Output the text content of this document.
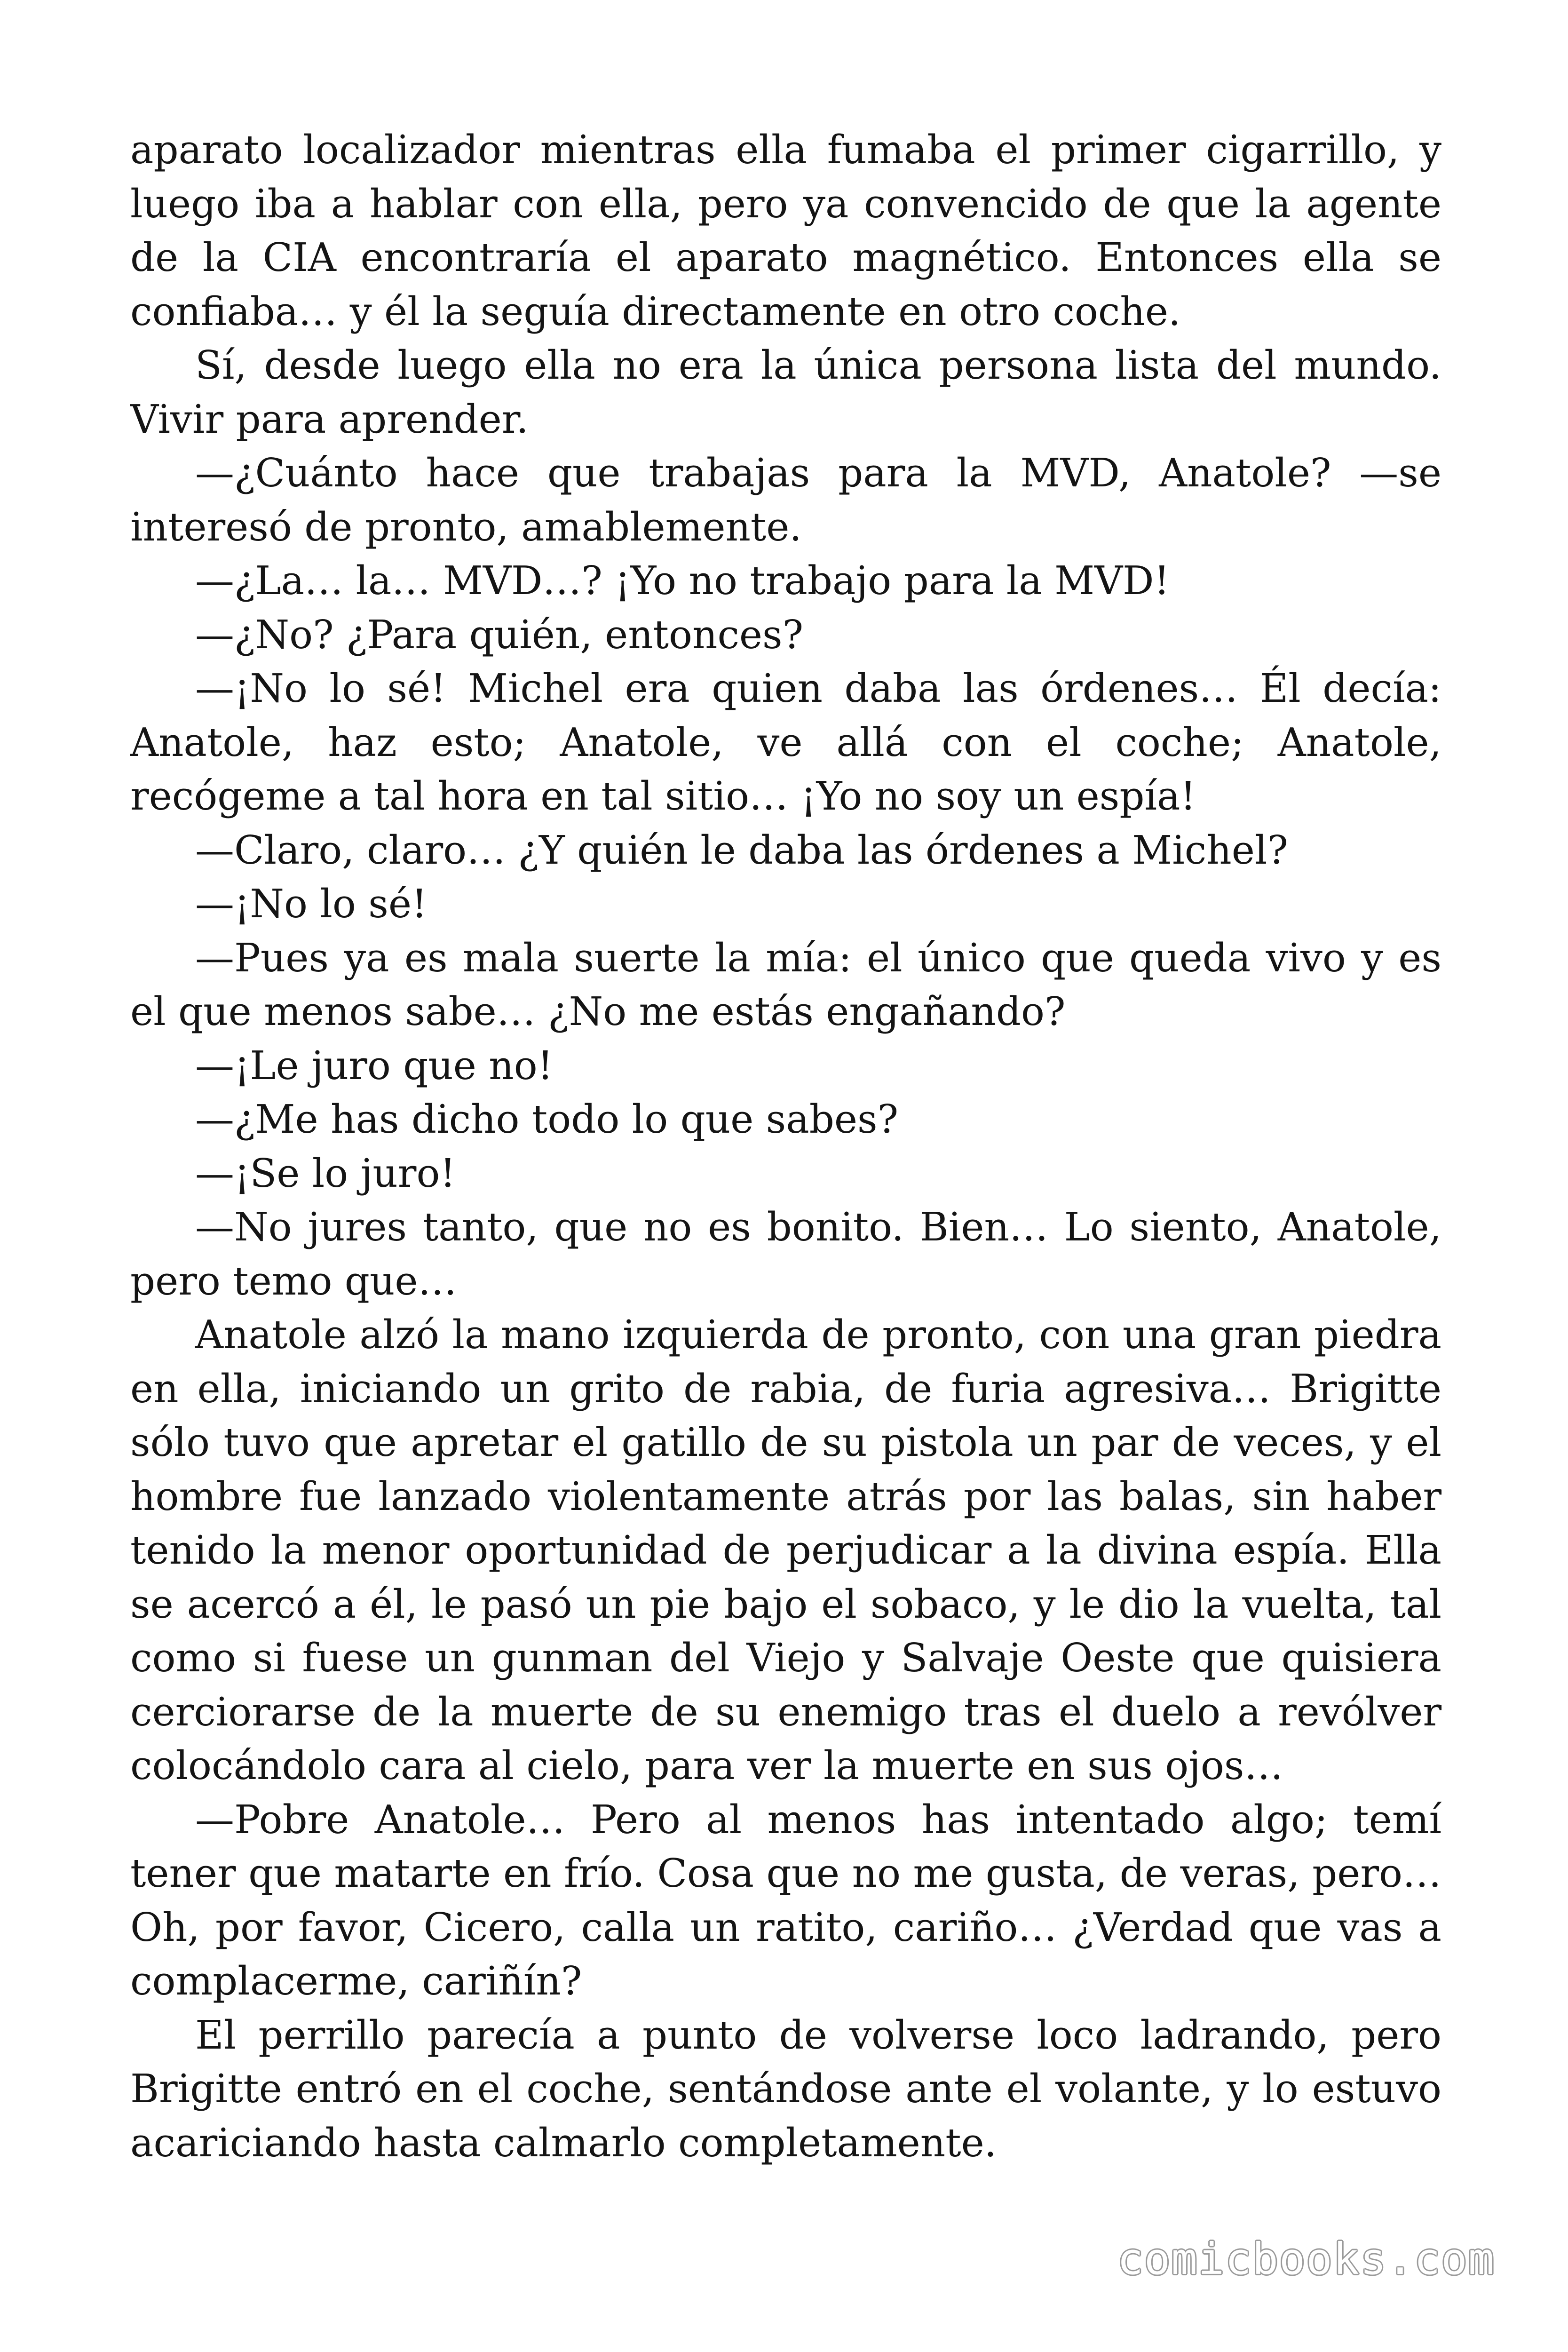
aparato localizador mientras ella fumaba el primer cigarrillo, y luego iba a hablar con ella, pero ya convencido de que la agente de la CIA encontraría el aparato magnético. Entonces ella se confiaba… y él la seguía directamente en otro coche.

Sí, desde luego ella no era la única persona lista del mundo. Vivir para aprender.

—¿Cuánto hace que trabajas para la MVD, Anatole? —se interesó de pronto, amablemente.

—¿La… la… MVD…? ¡Yo no trabajo para la MVD!

—¿No? ¿Para quién, entonces?

—¡No lo sé! Michel era quien daba las órdenes… Él decía: Anatole, haz esto; Anatole, ve allá con el coche; Anatole, recógeme a tal hora en tal sitio… ¡Yo no soy un espía!

—Claro, claro… ¿Y quién le daba las órdenes a Michel?

—¡No lo sé!

—Pues ya es mala suerte la mía: el único que queda vivo y es el que menos sabe… ¿No me estás engañando?

—¡Le juro que no!

—¿Me has dicho todo lo que sabes?

—¡Se lo juro!

—No jures tanto, que no es bonito. Bien… Lo siento, Anatole, pero temo que…

Anatole alzó la mano izquierda de pronto, con una gran piedra en ella, iniciando un grito de rabia, de furia agresiva… Brigitte sólo tuvo que apretar el gatillo de su pistola un par de veces, y el hombre fue lanzado violentamente atrás por las balas, sin haber tenido la menor oportunidad de perjudicar a la divina espía. Ella se acercó a él, le pasó un pie bajo el sobaco, y le dio la vuelta, tal como si fuese un gunman del Viejo y Salvaje Oeste que quisiera cerciorarse de la muerte de su enemigo tras el duelo a revólver colocándolo cara al cielo, para ver la muerte en sus ojos…

—Pobre Anatole… Pero al menos has intentado algo; temí tener que matarte en frío. Cosa que no me gusta, de veras, pero… Oh, por favor, Cicero, calla un ratito, cariño… ¿Verdad que vas a complacerme, cariñín?

El perrillo parecía a punto de volverse loco ladrando, pero Brigitte entró en el coche, sentándose ante el volante, y lo estuvo acariciando hasta calmarlo completamente.

comicbooks.com
